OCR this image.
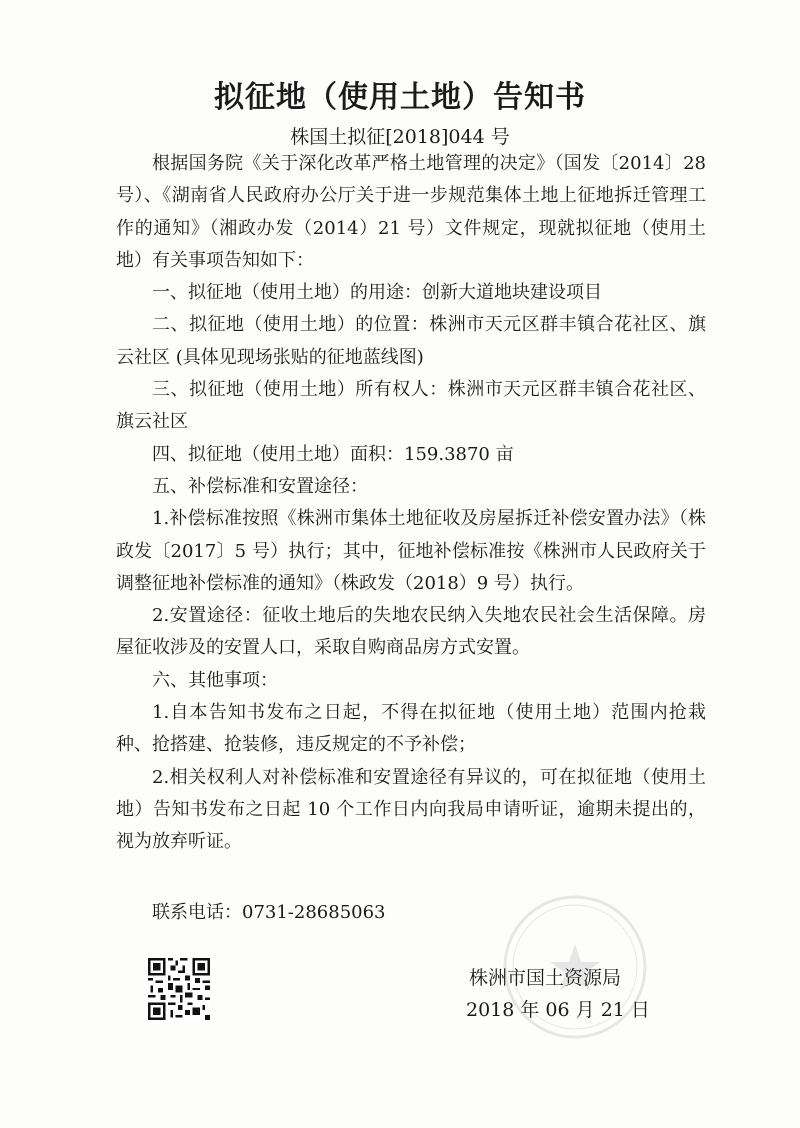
拟征地（使用土地）告知书
株国土拟征[2018]044 号

根据国务院《关于深化改革严格土地管理的决定》（国发〔2014〕28 号）、《湖南省人民政府办公厅关于进一步规范集体土地上征地拆迁管理工作的通知》（湘政办发（2014）21 号）文件规定，现就拟征地（使用土地）有关事项告知如下：

一、拟征地（使用土地）的用途：创新大道地块建设项目

二、拟征地（使用土地）的位置：株洲市天元区群丰镇合花社区、旗云社区 (具体见现场张贴的征地蓝线图)

三、拟征地（使用土地）所有权人：株洲市天元区群丰镇合花社区、旗云社区

四、拟征地（使用土地）面积：159.3870 亩

五、补偿标准和安置途径：

1.补偿标准按照《株洲市集体土地征收及房屋拆迁补偿安置办法》（株政发〔2017〕5 号）执行；其中，征地补偿标准按《株洲市人民政府关于调整征地补偿标准的通知》（株政发（2018）9 号）执行。

2.安置途径：征收土地后的失地农民纳入失地农民社会生活保障。房屋征收涉及的安置人口，采取自购商品房方式安置。

六、其他事项：

1.自本告知书发布之日起，不得在拟征地（使用土地）范围内抢栽种、抢搭建、抢装修，违反规定的不予补偿；

2.相关权利人对补偿标准和安置途径有异议的，可在拟征地（使用土地）告知书发布之日起 10 个工作日内向我局申请听证，逾期未提出的，视为放弃听证。

联系电话：0731-28685063
株洲市国土资源局
2018 年 06 月 21 日
